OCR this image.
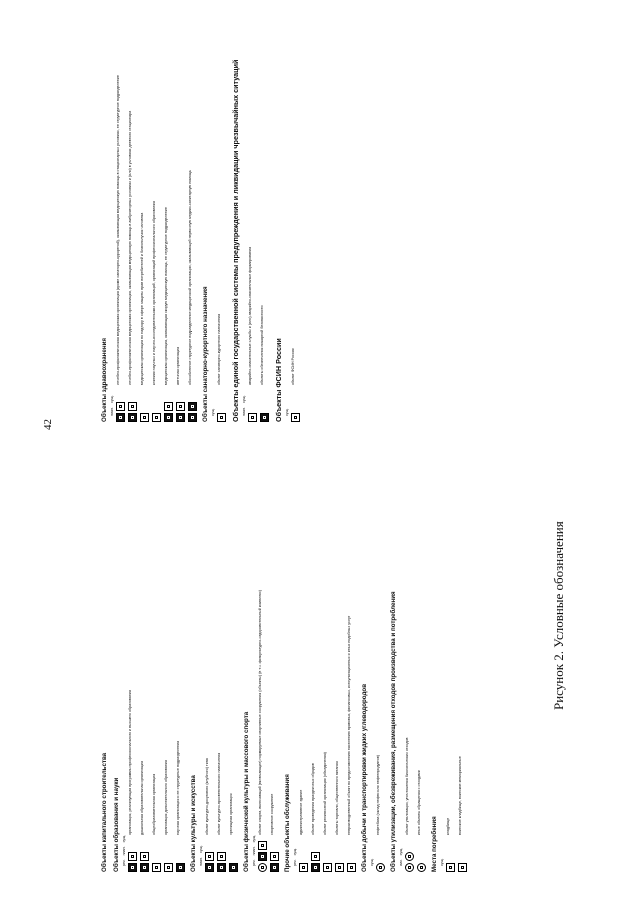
42
Объекты капитального строительства Объекты образования и науки рек.
план.
сущ.
организация, реализующая программы профессионального и высшего образования дошкольная образовательная организация общеобразовательная организация организация дополнительного образования научная организация и ее структурные подразделения Объекты культуры и искусства план.
сущ.
объект культурно-досугового (клубного) типа объект культурно-просветительного назначения зрелищная организация Объекты физической культуры и массового спорта рек.
план.
сущ.
объект спорта, включающий (включающие) нормируемые спортивные сооружения (объекты) (в т.ч. физкультурно-оздоровительный комплекс) спортивное сооружение Прочие объекты обслуживания рек.
сущ.
административное здание объект проведения праздничных обрядов объект религиозной организации (объединения) объекты торговли, общественного питания непроизводственный объект по предоставлению населению правовых, финансовых, консультационных и иных подобных услуг Объекты добычи и транспортировки жидких углеводородов сущ.
нефтебаза (склад нефти или нефтепродуктов) Объекты утилизации, обезвреживания, размещения отходов производства и потребления лик.
сущ.
объект утилизации, уничтожения биологических отходов иные объекты обращения с отходами
Места погребения сущ.
кладбище воинское кладбище, воинские мемориальные
Объекты здравоохранения план.
сущ.
лечебно-профилактическая медицинская организация (кроме санаторно-курортной), оказывающая медицинскую помощь в стационарных условиях, ее структурное подразделение лечебно-профилактическая медицинская организация, оказывающая медицинскую помощь в амбулаторных условиях и (или) в условиях дневного стационара медицинская организация по надзору в сфере защиты прав потребителей и благополучия человека клиники научных и научно-исследовательских организаций, организаций профессионального образования медицинская организация, оказывающая скорую медицинскую помощь, ее структурное подразделение аптечная организация обособленное структурное подразделение медицинской организации, оказывающей первичную медико-санитарную помощь Объекты санаторно-курортного назначения сущ.
объект санаторно-курортного назначения Объекты единой государственной системы предупреждения и ликвидации чрезвычайных ситуаций план.
сущ.
аварийно-спасательные службы и (или) аварийно-спасательные формирования объекты обеспечения пожарной безопасности Объекты ФСИН России сущ.
объект ФСИН России
Рисунок 2. Условные обозначения
